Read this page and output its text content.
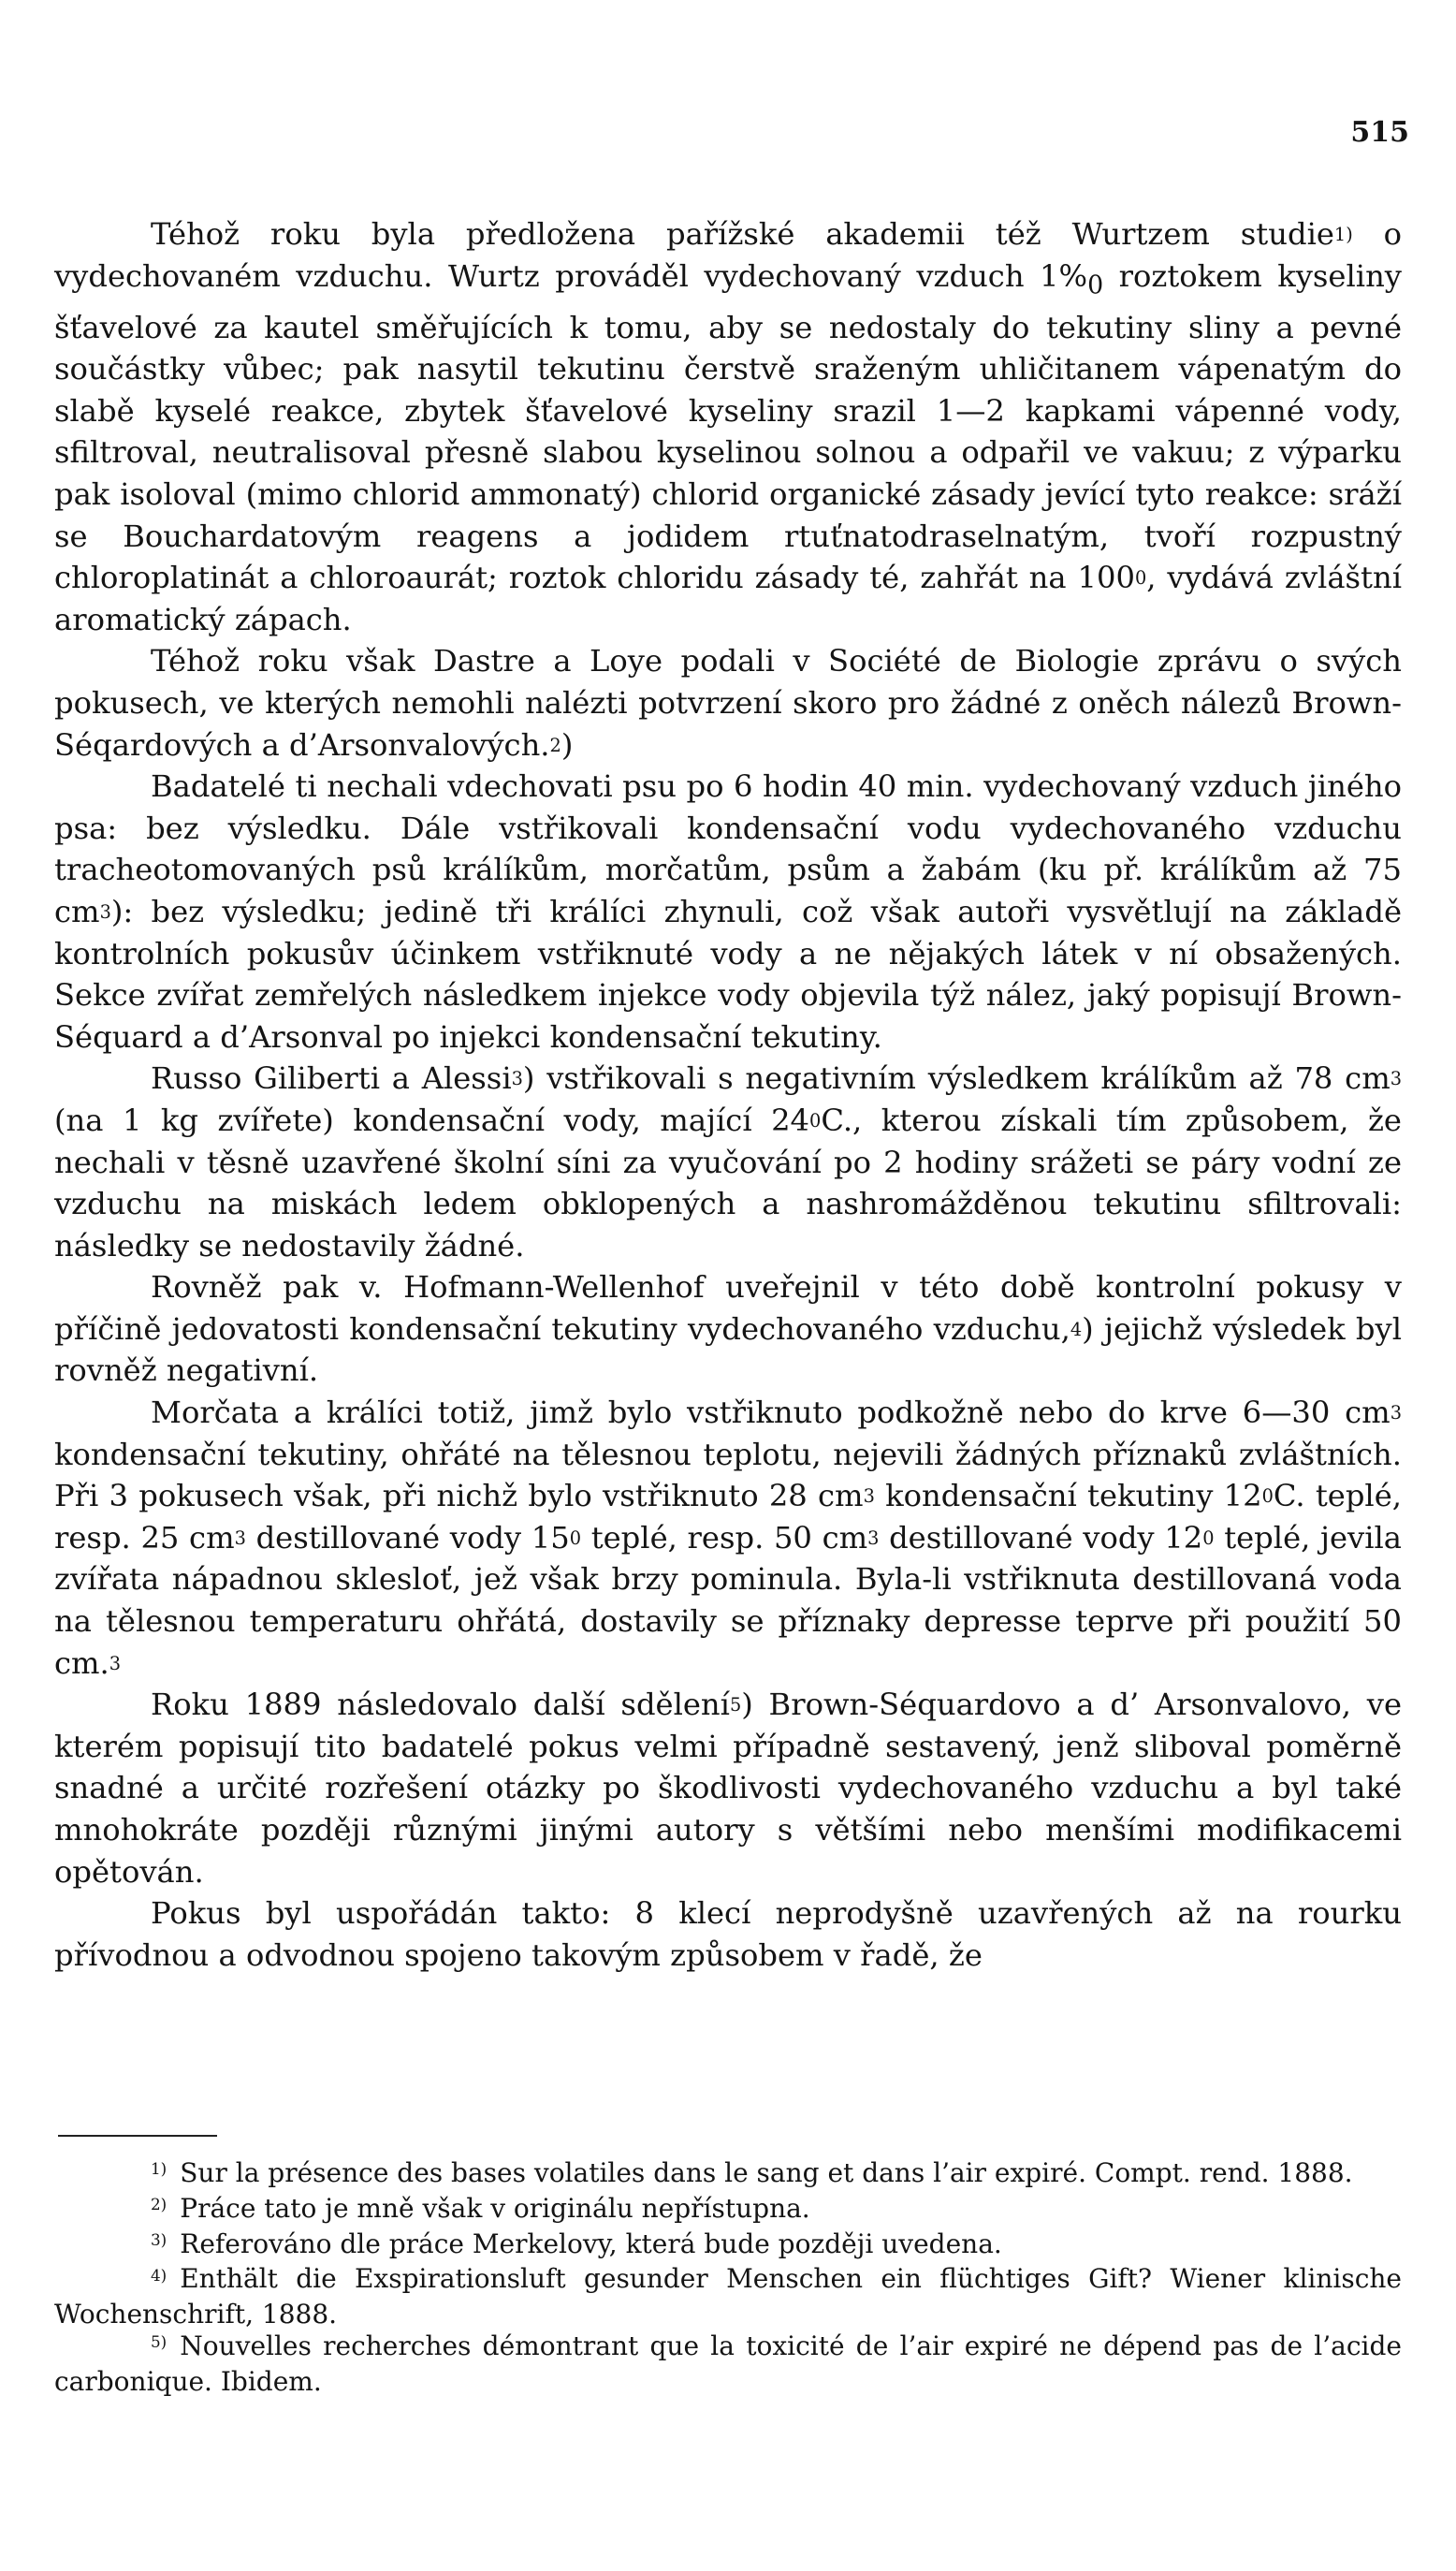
515

Téhož roku byla předložena pařížské akademii též Wurtzem studie$^{1)}$ o vydechovaném vzduchu. Wurtz prováděl vydechovaný vzduch $1\%_0$ roztokem kyseliny šťavelové za kautel směřujících k tomu, aby se nedostaly do tekutiny sliny a pevné součástky vůbec; pak nasytil tekutinu čerstvě sraženým uhličitanem vápenatým do slabě kyselé reakce, zbytek šťavelové kyseliny srazil 1—2 kapkami vápenné vody, sfiltroval, neutralisoval přesně slabou kyselinou solnou a odpařil ve vakuu; z výparku pak isoloval (mimo chlorid ammonatý) chlorid organické zásady jevící tyto reakce: sráží se Bouchardatovým reagens a jodidem rtuťnatodraselnatým, tvoří rozpustný chloroplatinát a chloroaurát; roztok chloridu zásady té, zahřát na $100^0$, vydává zvláštní aromatický zápach.

Téhož roku však Dastre a Loye podali v Société de Biologie zprávu o svých pokusech, ve kterých nemohli nalézti potvrzení skoro pro žádné z oněch nálezů Brown-Séqardových a d’Arsonvalových.$^2$)

Badatelé ti nechali vdechovati psu po 6 hodin 40 min. vydechovaný vzduch jiného psa: bez výsledku. Dále vstřikovali kondensační vodu vydechovaného vzduchu tracheotomovaných psů králíkům, morčatům, psům a žabám (ku př. králíkům až 75 $cm^3$): bez výsledku; jedině tři králíci zhynuli, což však autoři vysvětlují na základě kontrolních pokusův účinkem vstřiknuté vody a ne nějakých látek v ní obsažených. Sekce zvířat zemřelých následkem injekce vody objevila týž nález, jaký popisují Brown-Séquard a d’Arsonval po injekci kondensační tekutiny.

Russo Giliberti a Alessi$^3$) vstřikovali s negativním výsledkem králíkům až 78 $cm^3$ (na 1 kg zvířete) kondensační vody, mající $24^0C$., kterou získali tím způsobem, že nechali v těsně uzavřené školní síni za vyučování po 2 hodiny srážeti se páry vodní ze vzduchu na miskách ledem obklopených a nashromážděnou tekutinu sfiltrovali: následky se nedostavily žádné.

Rovněž pak v. Hofmann-Wellenhof uveřejnil v této době kontrolní pokusy v příčině jedovatosti kondensační tekutiny vydechovaného vzduchu,$^4$) jejichž výsledek byl rovněž negativní.

Morčata a králíci totiž, jimž bylo vstřiknuto podkožně nebo do krve 6—30 $cm^3$ kondensační tekutiny, ohřáté na tělesnou teplotu, nejevili žádných příznaků zvláštních. Při 3 pokusech však, při nichž bylo vstřiknuto 28 $cm^3$ kondensační tekutiny $12^0C$. teplé, resp. 25 $cm^3$ destillované vody $15^0$ teplé, resp. 50 $cm^3$ destillované vody $12^0$ teplé, jevila zvířata nápadnou sklesloť, jež však brzy pominula. Byla-li vstřiknuta destillovaná voda na tělesnou temperaturu ohřátá, dostavily se příznaky depresse teprve při použití 50 cm.$^3$

Roku 1889 následovalo další sdělení$^5$) Brown-Séquardovo a d’ Arsonvalovo, ve kterém popisují tito badatelé pokus velmi případně sestavený, jenž sliboval poměrně snadné a určité rozřešení otázky po škodlivosti vydechovaného vzduchu a byl také mnohokráte později různými jinými autory s většími nebo menšími modifikacemi opětován.

Pokus byl uspořádán takto: 8 klecí neprodyšně uzavřených až na rourku přívodnou a odvodnou spojeno takovým způsobem v řadě, že

$^{1)}$ Sur la présence des bases volatiles dans le sang et dans l’air expiré. Compt. rend. 1888.

$^{2)}$ Práce tato je mně však v originálu nepřístupna.

$^{3)}$ Referováno dle práce Merkelovy, která bude později uvedena.

$^{4)}$ Enthält die Exspirationsluft gesunder Menschen ein flüchtiges Gift? Wiener klinische Wochenschrift, 1888.

$^{5)}$ Nouvelles recherches démontrant que la toxicité de l’air expiré ne dépend pas de l’acide carbonique. Ibidem.
